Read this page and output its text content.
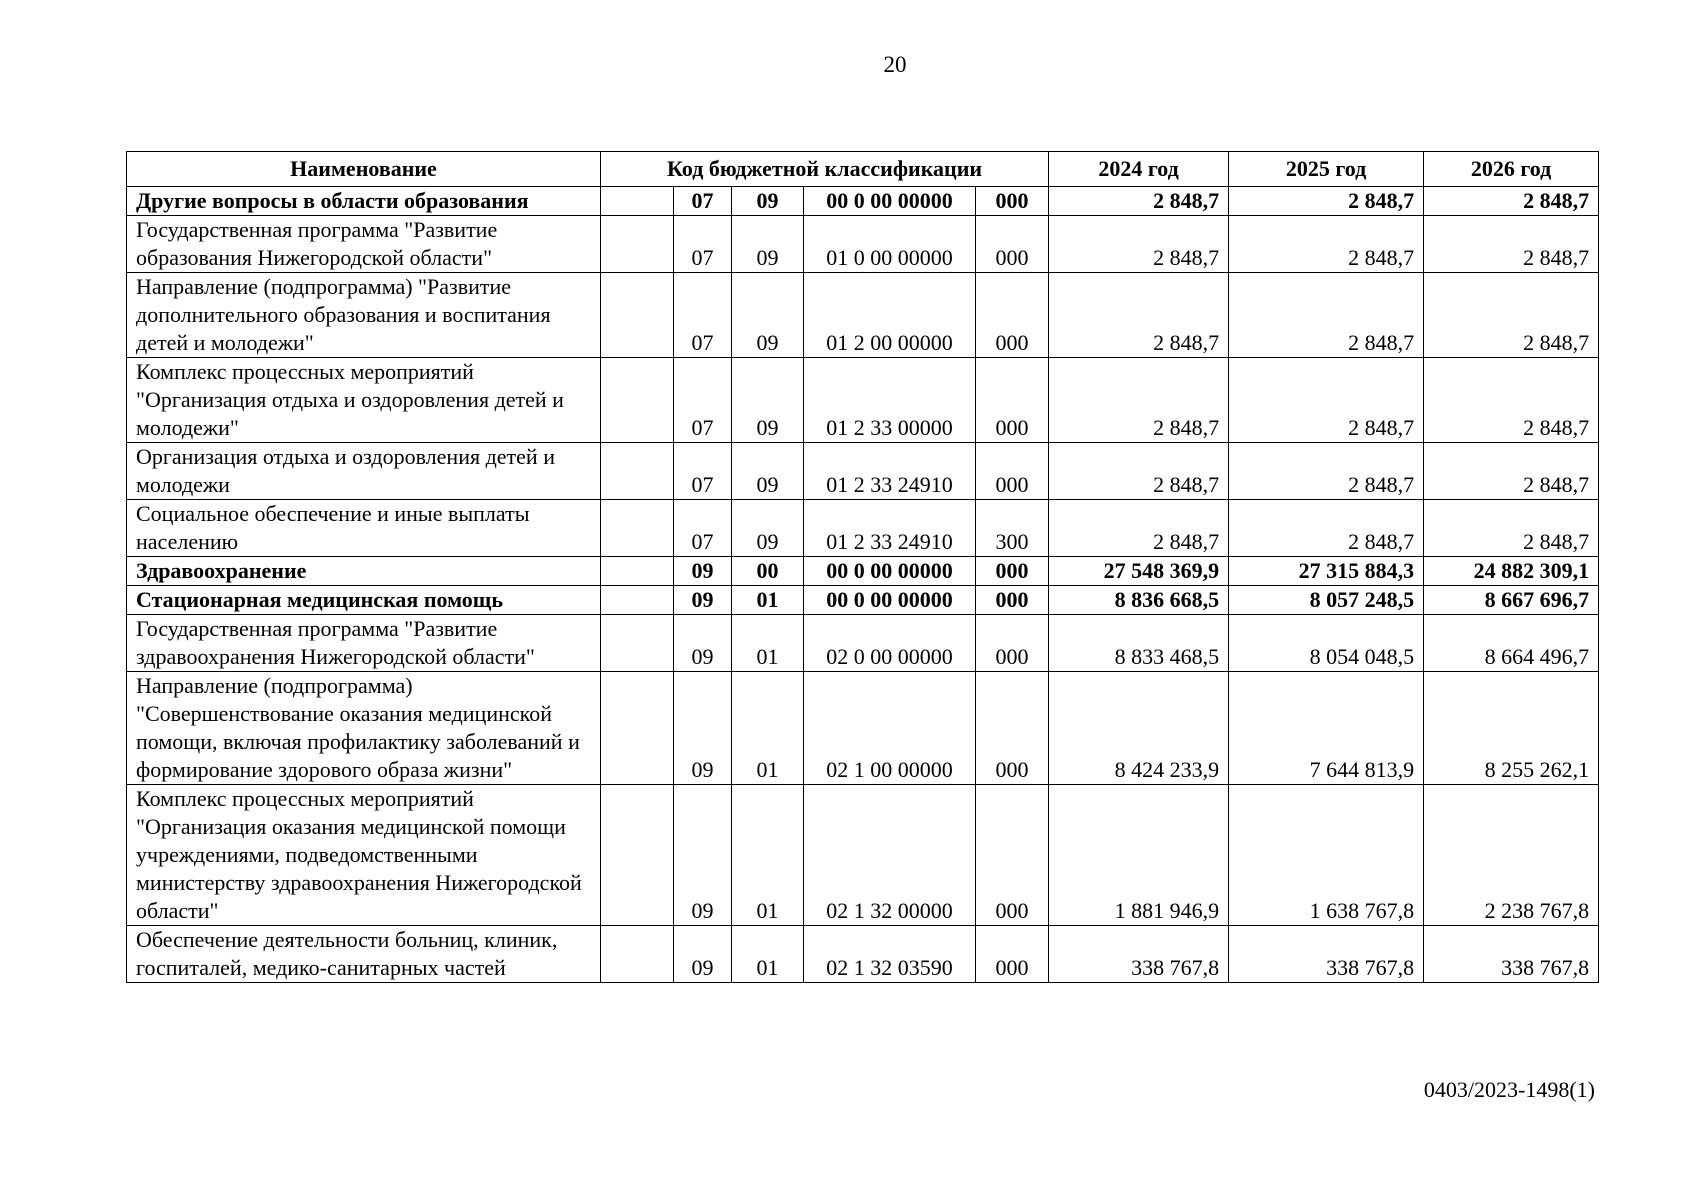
20
Наименование	Код бюджетной классификации					2024 год	2025 год	2026 год
Другие вопросы в области образования		07	09	00 0 00 00000	000	2 848,7	2 848,7	2 848,7
Государственная программа "Развитие образования Нижегородской области"		07	09	01 0 00 00000	000	2 848,7	2 848,7	2 848,7
Направление (подпрограмма) "Развитие дополнительного образования и воспитания детей и молодежи"		07	09	01 2 00 00000	000	2 848,7	2 848,7	2 848,7
Комплекс процессных мероприятий "Организация отдыха и оздоровления детей и молодежи"		07	09	01 2 33 00000	000	2 848,7	2 848,7	2 848,7
Организация отдыха и оздоровления детей и молодежи		07	09	01 2 33 24910	000	2 848,7	2 848,7	2 848,7
Социальное обеспечение и иные выплаты населению		07	09	01 2 33 24910	300	2 848,7	2 848,7	2 848,7
Здравоохранение		09	00	00 0 00 00000	000	27 548 369,9	27 315 884,3	24 882 309,1
Стационарная медицинская помощь		09	01	00 0 00 00000	000	8 836 668,5	8 057 248,5	8 667 696,7
Государственная программа "Развитие здравоохранения Нижегородской области"		09	01	02 0 00 00000	000	8 833 468,5	8 054 048,5	8 664 496,7
Направление (подпрограмма) "Совершенствование оказания медицинской помощи, включая профилактику заболеваний и формирование здорового образа жизни"		09	01	02 1 00 00000	000	8 424 233,9	7 644 813,9	8 255 262,1
Комплекс процессных мероприятий "Организация оказания медицинской помощи учреждениями, подведомственными министерству здравоохранения Нижегородской области"		09	01	02 1 32 00000	000	1 881 946,9	1 638 767,8	2 238 767,8
Обеспечение деятельности больниц, клиник, госпиталей, медико-санитарных частей		09	01	02 1 32 03590	000	338 767,8	338 767,8	338 767,8
0403/2023-1498(1)
